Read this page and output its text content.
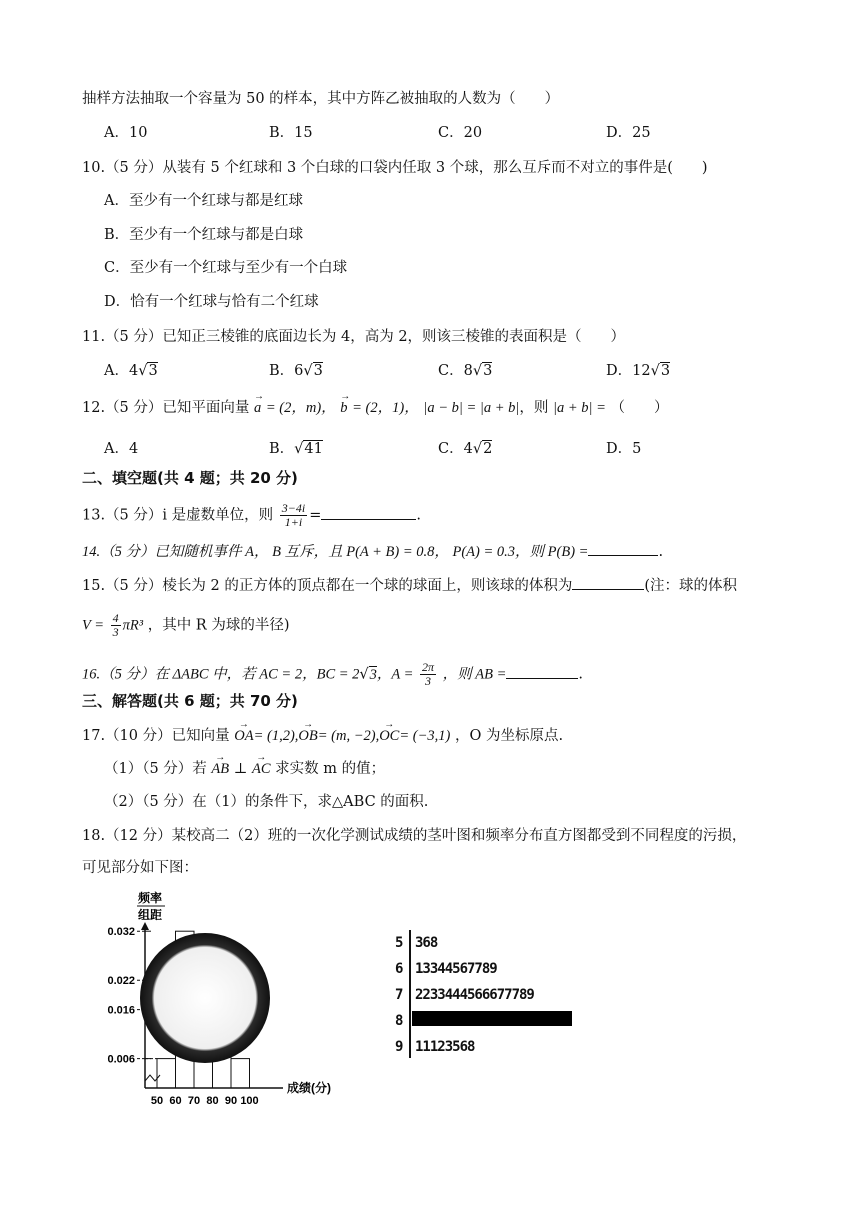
抽样方法抽取一个容量为 50 的样本，其中方阵乙被抽取的人数为（　　）
A．10	B．15	C．20	D．25
10.（5 分）从装有 5 个红球和 3 个白球的口袋内任取 3 个球，那么互斥而不对立的事件是(　　)
A．至少有一个红球与都是红球
B．至少有一个红球与都是白球
C．至少有一个红球与至少有一个白球
D．恰有一个红球与恰有二个红球
11.（5 分）已知正三棱锥的底面边长为 4，高为 2，则该三棱锥的表面积是（　　）
A．4√3	B．6√3	C．8√3	D．12√3
12.（5 分）已知平面向量 → a = (2，m)， → b = (2，1)， |a − b| = |a + b|，则 |a + b| = （　　）
A．4	B．√41	C．4√2	D．5
二、填空题(共 4 题；共 20 分)
13.（5 分）i 是虚数单位，则 $\frac{3-4i}{1+i}$ =	.
14.（5 分）已知随机事件 A， B 互斥，且 P(A + B) = 0.8， P(A) = 0.3，则 P(B) =	.
15.（5 分）棱长为 2 的正方体的顶点都在一个球的球面上，则该球的体积为	(注：球的体积
$V = \frac{4}{3} \pi R^3$ ，其中 R 为球的半径)
16.（5 分）在 ΔABC 中，若 AC = 2，BC = 2√3，$A = \frac{2\pi}{3}$ ，则 AB =	.
三、解答题(共 6 题；共 70 分)
17.（10 分）已知向量 → OA= (1,2),→ OB= (m, −2),→ OC= (−3,1) ，O 为坐标原点.
（1）（5 分）若 → AB ⊥ → AC 求实数 m 的值；
（2）（5 分）在（1）的条件下，求△ABC 的面积.
18.（12 分）某校高二（2）班的一次化学测试成绩的茎叶图和频率分布直方图都受到不同程度的污损，
可见部分如下图：
频率
组距
0.032
0.022
0.016
0.006
50 60 70 80 90 100
成绩(分)
5 368
6 13344567789
7 2233444566677789
8
9 11123568
